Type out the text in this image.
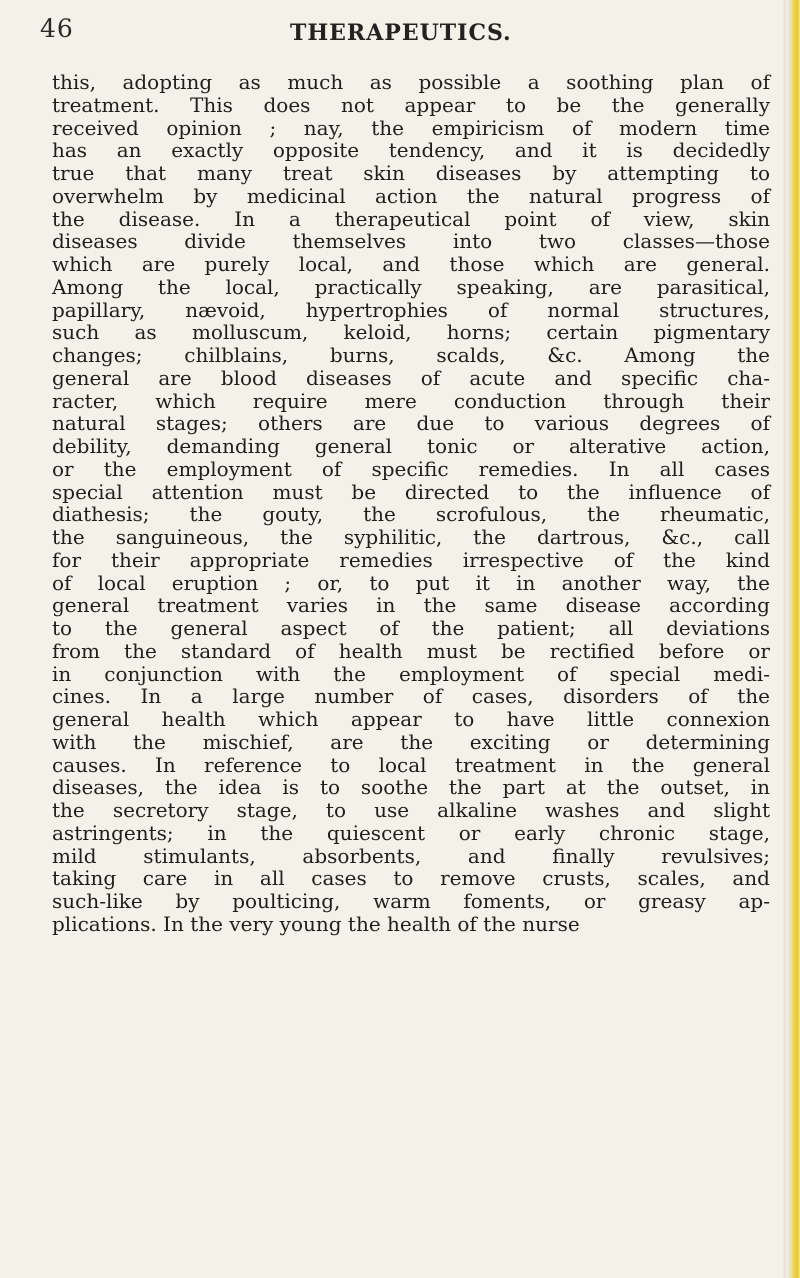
46	THERAPEUTICS.
this, adopting as much as possible a soothing plan of
treatment. This does not appear to be the generally
received opinion ; nay, the empiricism of modern time
has an exactly opposite tendency, and it is decidedly
true that many treat skin diseases by attempting to
overwhelm by medicinal action the natural progress of
the disease. In a therapeutical point of view, skin
diseases divide themselves into two classes—those
which are purely local, and those which are general.
Among the local, practically speaking, are parasitical,
papillary, nævoid, hypertrophies of normal structures,
such as molluscum, keloid, horns; certain pigmentary
changes; chilblains, burns, scalds, &c. Among the
general are blood diseases of acute and specific cha-
racter, which require mere conduction through their
natural stages; others are due to various degrees of
debility, demanding general tonic or alterative action,
or the employment of specific remedies. In all cases
special attention must be directed to the influence of
diathesis; the gouty, the scrofulous, the rheumatic,
the sanguineous, the syphilitic, the dartrous, &c., call
for their appropriate remedies irrespective of the kind
of local eruption ; or, to put it in another way, the
general treatment varies in the same disease according
to the general aspect of the patient; all deviations
from the standard of health must be rectified before or
in conjunction with the employment of special medi-
cines. In a large number of cases, disorders of the
general health which appear to have little connexion
with the mischief, are the exciting or determining
causes. In reference to local treatment in the general
diseases, the idea is to soothe the part at the outset, in
the secretory stage, to use alkaline washes and slight
astringents; in the quiescent or early chronic stage,
mild stimulants, absorbents, and finally revulsives;
taking care in all cases to remove crusts, scales, and
such-like by poulticing, warm foments, or greasy ap-
plications. In the very young the health of the nurse
